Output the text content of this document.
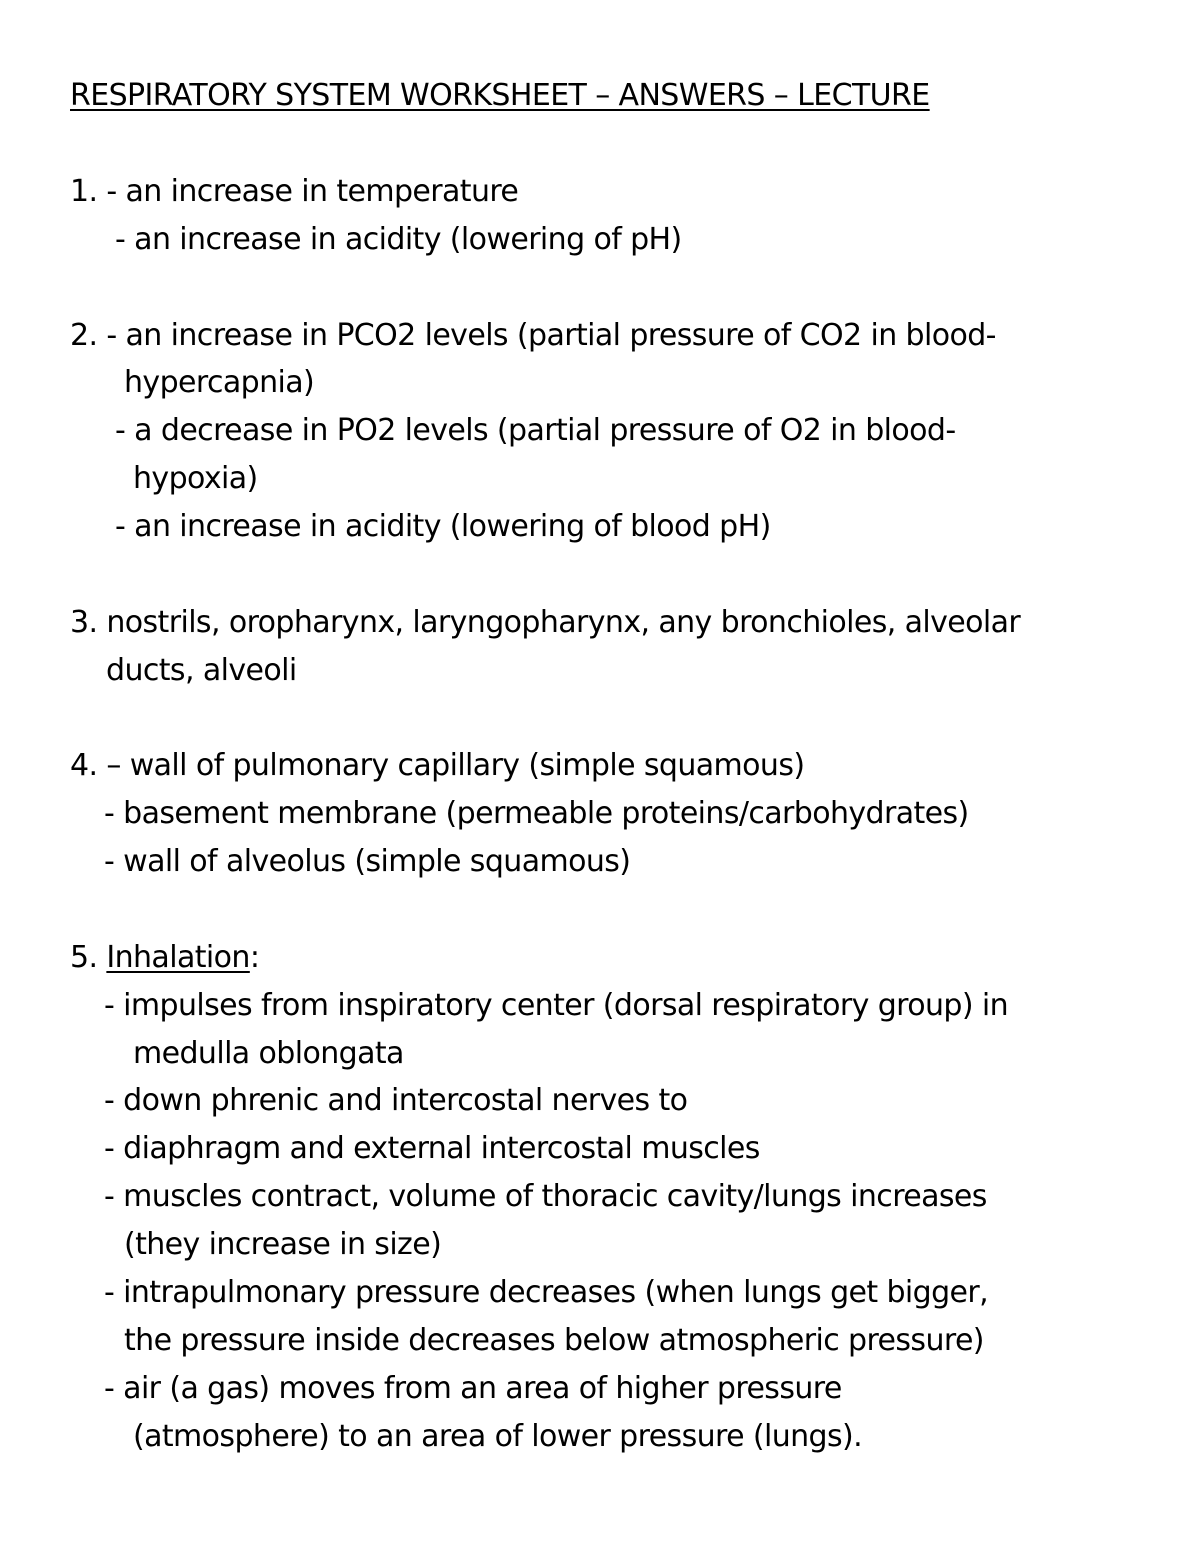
RESPIRATORY SYSTEM WORKSHEET – ANSWERS – LECTURE
1. - an increase in temperature
- an increase in acidity (lowering of pH)
2. - an increase in PCO2 levels (partial pressure of CO2 in blood-
hypercapnia)
- a decrease in PO2 levels (partial pressure of O2 in blood-
hypoxia)
- an increase in acidity (lowering of blood pH)
3. nostrils, oropharynx, laryngopharynx, any bronchioles, alveolar
ducts, alveoli
4. – wall of pulmonary capillary (simple squamous)
- basement membrane (permeable proteins/carbohydrates)
- wall of alveolus (simple squamous)
5. Inhalation:
- impulses from inspiratory center (dorsal respiratory group) in
medulla oblongata
- down phrenic and intercostal nerves to
- diaphragm and external intercostal muscles
- muscles contract, volume of thoracic cavity/lungs increases
(they increase in size)
- intrapulmonary pressure decreases (when lungs get bigger,
the pressure inside decreases below atmospheric pressure)
- air (a gas) moves from an area of higher pressure
(atmosphere) to an area of lower pressure (lungs).
